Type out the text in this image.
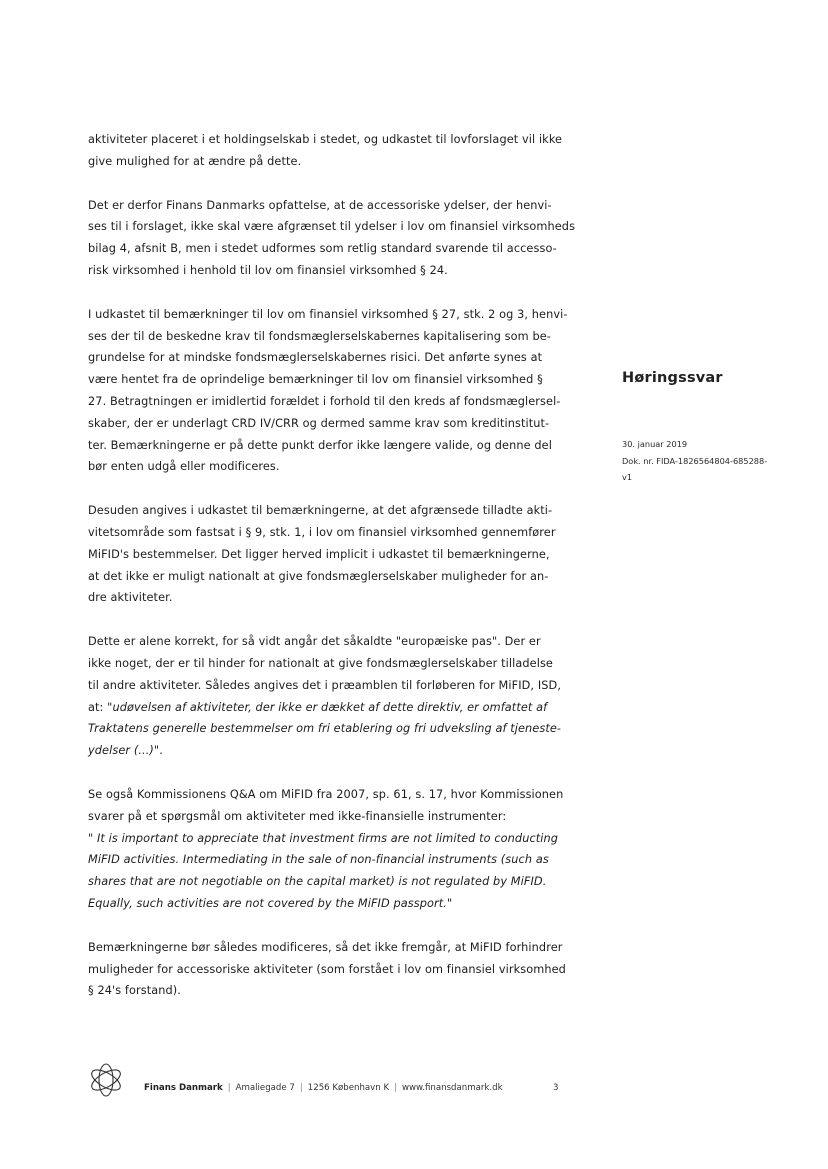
aktiviteter placeret i et holdingselskab i stedet, og udkastet til lovforslaget vil ikke
give mulighed for at ændre på dette.

Det er derfor Finans Danmarks opfattelse, at de accessoriske ydelser, der henvi-
ses til i forslaget, ikke skal være afgrænset til ydelser i lov om finansiel virksomheds
bilag 4, afsnit B, men i stedet udformes som retlig standard svarende til accesso-
risk virksomhed i henhold til lov om finansiel virksomhed § 24.

I udkastet til bemærkninger til lov om finansiel virksomhed § 27, stk. 2 og 3, henvi-
ses der til de beskedne krav til fondsmæglerselskabernes kapitalisering som be-
grundelse for at mindske fondsmæglerselskabernes risici. Det anførte synes at
være hentet fra de oprindelige bemærkninger til lov om finansiel virksomhed §
27. Betragtningen er imidlertid forældet i forhold til den kreds af fondsmæglersel-
skaber, der er underlagt CRD IV/CRR og dermed samme krav som kreditinstitut-
ter. Bemærkningerne er på dette punkt derfor ikke længere valide, og denne del
bør enten udgå eller modificeres.

Desuden angives i udkastet til bemærkningerne, at det afgrænsede tilladte akti-
vitetsområde som fastsat i § 9, stk. 1, i lov om finansiel virksomhed gennemfører
MiFID's bestemmelser. Det ligger herved implicit i udkastet til bemærkningerne,
at det ikke er muligt nationalt at give fondsmæglerselskaber muligheder for an-
dre aktiviteter.

Dette er alene korrekt, for så vidt angår det såkaldte "europæiske pas". Der er
ikke noget, der er til hinder for nationalt at give fondsmæglerselskaber tilladelse
til andre aktiviteter. Således angives det i præamblen til forløberen for MiFID, ISD,
at: "udøvelsen af aktiviteter, der ikke er dækket af dette direktiv, er omfattet af
Traktatens generelle bestemmelser om fri etablering og fri udveksling af tjeneste-
ydelser (...)".

Se også Kommissionens Q&A om MiFID fra 2007, sp. 61, s. 17, hvor Kommissionen
svarer på et spørgsmål om aktiviteter med ikke-finansielle instrumenter:
" It is important to appreciate that investment firms are not limited to conducting
MiFID activities. Intermediating in the sale of non-financial instruments (such as
shares that are not negotiable on the capital market) is not regulated by MiFID.
Equally, such activities are not covered by the MiFID passport."

Bemærkningerne bør således modificeres, så det ikke fremgår, at MiFID forhindrer
muligheder for accessoriske aktiviteter (som forstået i lov om finansiel virksomhed
§ 24's forstand).

Høringssvar
30. januar 2019
Dok. nr. FIDA-1826564804-685288-
v1
Finans Danmark | Amaliegade 7 | 1256 København K | www.finansdanmark.dk	3
